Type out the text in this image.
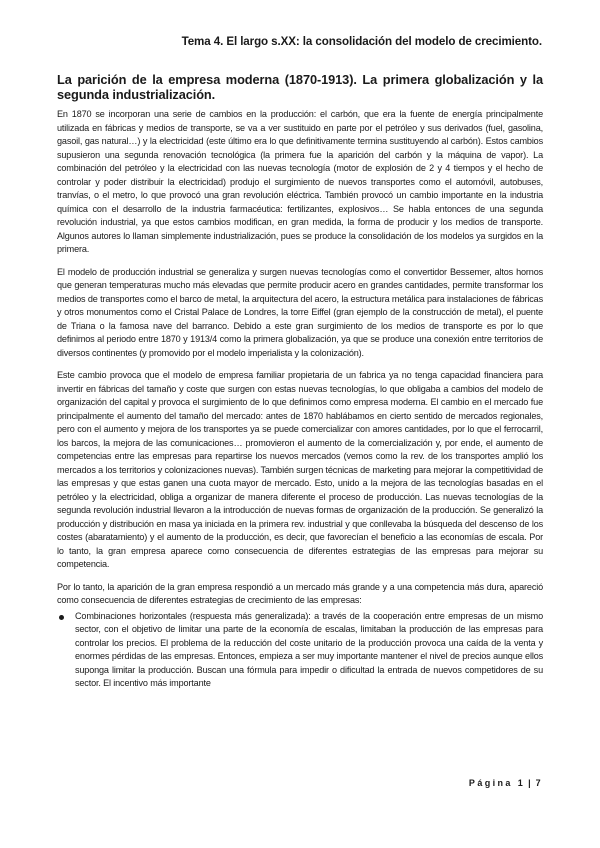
Tema 4. El largo s.XX: la consolidación del modelo de crecimiento.
La parición de la empresa moderna (1870-1913). La primera globalización y la segunda industrialización.

En 1870 se incorporan una serie de cambios en la producción: el carbón, que era la fuente de energía principalmente utilizada en fábricas y medios de transporte, se va a ver sustituido en parte por el petróleo y sus derivados (fuel, gasolina, gasoil, gas natural…) y la electricidad (este último era lo que definitivamente termina sustituyendo al carbón). Estos cambios supusieron una segunda renovación tecnológica (la primera fue la aparición del carbón y la máquina de vapor). La combinación del petróleo y la electricidad con las nuevas tecnología (motor de explosión de 2 y 4 tiempos y el hecho de controlar y poder distribuir la electricidad) produjo el surgimiento de nuevos transportes como el automóvil, autobuses, tranvías, o el metro, lo que provocó una gran revolución eléctrica. También provocó un cambio importante en la industria química con el desarrollo de la industria farmacéutica: fertilizantes, explosivos… Se habla entonces de una segunda revolución industrial, ya que estos cambios modifican, en gran medida, la forma de producir y los medios de transporte. Algunos autores lo llaman simplemente industrialización, pues se produce la consolidación de los modelos ya surgidos en la primera.

El modelo de producción industrial se generaliza y surgen nuevas tecnologías como el convertidor Bessemer, altos hornos que generan temperaturas mucho más elevadas que permite producir acero en grandes cantidades, permite transformar los medios de transportes como el barco de metal, la arquitectura del acero, la estructura metálica para instalaciones de fábricas y otros monumentos como el Cristal Palace de Londres, la torre Eiffel (gran ejemplo de la construcción de metal), el puente de Triana o la famosa nave del barranco. Debido a este gran surgimiento de los medios de transporte es por lo que definimos al periodo entre 1870 y 1913/4 como la primera globalización, ya que se produce una conexión entre territorios de diversos continentes (y promovido por el modelo imperialista y la colonización).

Este cambio provoca que el modelo de empresa familiar propietaria de un fabrica ya no tenga capacidad financiera para invertir en fábricas del tamaño y coste que surgen con estas nuevas tecnologías, lo que obligaba a cambios del modelo de organización del capital y provoca el surgimiento de lo que definimos como empresa moderna. El cambio en el mercado fue principalmente el aumento del tamaño del mercado: antes de 1870 hablábamos en cierto sentido de mercados regionales, pero con el aumento y mejora de los transportes ya se puede comercializar con amores cantidades, por lo que el ferrocarril, los barcos, la mejora de las comunicaciones… promovieron el aumento de la comercialización y, por ende, el aumento de competencias entre las empresas para repartirse los nuevos mercados (vemos como la rev. de los transportes amplió los mercados a los territorios y colonizaciones nuevas). También surgen técnicas de marketing para mejorar la competitividad de las empresas y que estas ganen una cuota mayor de mercado. Esto, unido a la mejora de las tecnologías basadas en el petróleo y la electricidad, obliga a organizar de manera diferente el proceso de producción. Las nuevas tecnologías de la segunda revolución industrial llevaron a la introducción de nuevas formas de organización de la producción. Se generalizó la producción y distribución en masa ya iniciada en la primera rev. industrial y que conllevaba la búsqueda del descenso de los costes (abaratamiento) y el aumento de la producción, es decir, que favorecían el beneficio a las economías de escala. Por lo tanto, la gran empresa aparece como consecuencia de diferentes estrategias de las empresas para mejorar su competencia.

Por lo tanto, la aparición de la gran empresa respondió a un mercado más grande y a una competencia más dura, apareció como consecuencia de diferentes estrategias de crecimiento de las empresas:

Combinaciones horizontales (respuesta más generalizada): a través de la cooperación entre empresas de un mismo sector, con el objetivo de limitar una parte de la economía de escalas, limitaban la producción de las empresas para controlar los precios. El problema de la reducción del coste unitario de la producción provoca una caída de la venta y enormes pérdidas de las empresas. Entonces, empieza a ser muy importante mantener el nivel de precios aunque ellos suponga limitar la producción. Buscan una fórmula para impedir o dificultad la entrada de nuevos competidores de su sector. El incentivo más importante
Página 1 | 7
